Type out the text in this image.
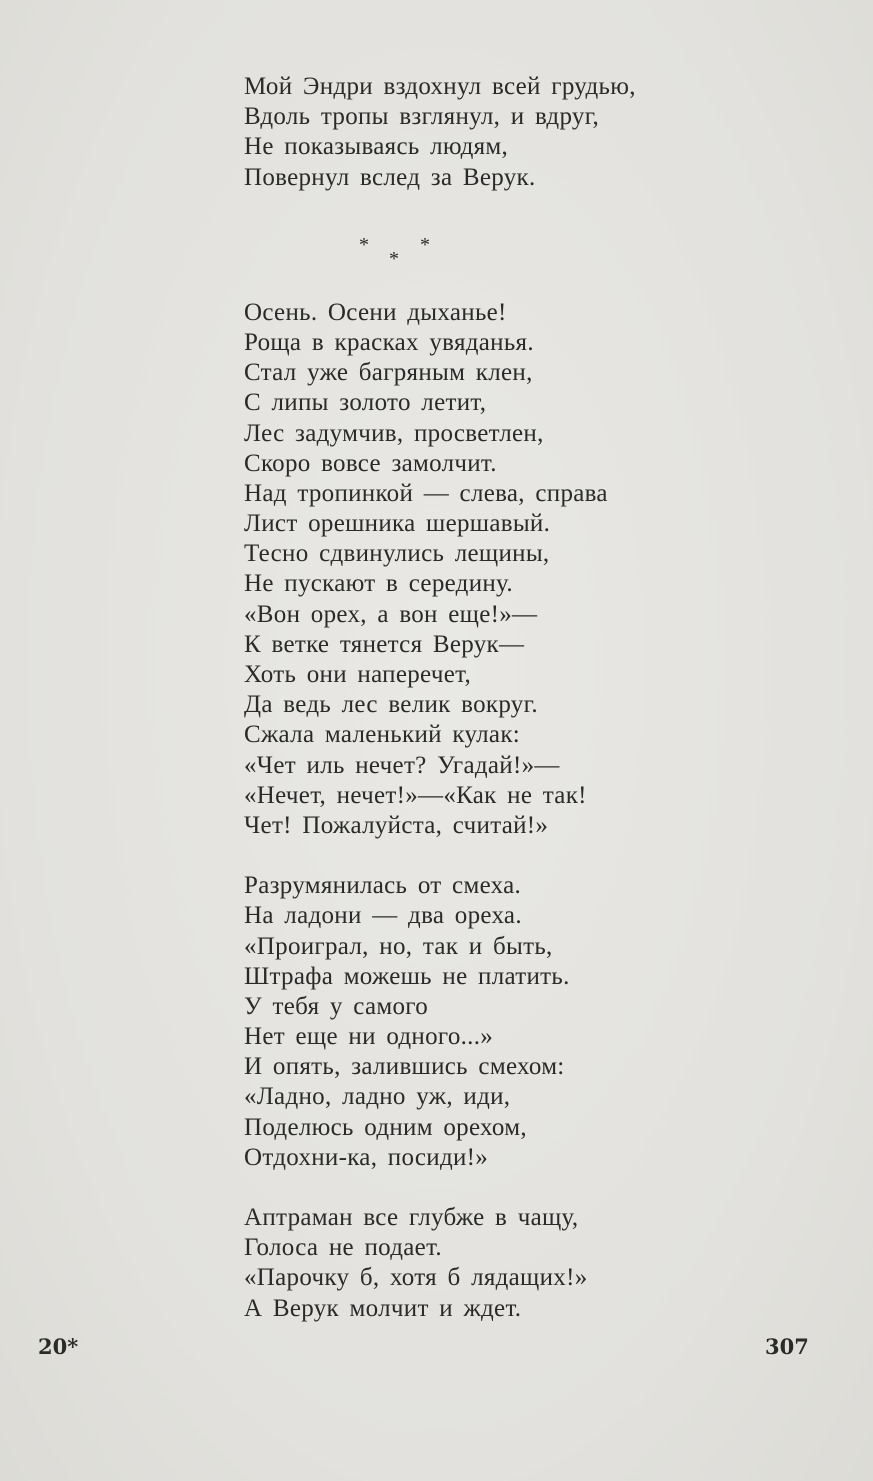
Мой Эндри вздохнул всей грудью,
Вдоль тропы взглянул, и вдруг,
Не показываясь людям,
Повернул вслед за Верук.
*	*
*
Осень. Осени дыханье!
Роща в красках увяданья.
Стал уже багряным клен,
С липы золото летит,
Лес задумчив, просветлен,
Скоро вовсе замолчит.
Над тропинкой — слева, справа
Лист орешника шершавый.
Тесно сдвинулись лещины,
Не пускают в середину.
«Вон орех, а вон еще!»—
К ветке тянется Верук—
Хоть они наперечет,
Да ведь лес велик вокруг.
Сжала маленький кулак:
«Чет иль нечет? Угадай!»—
«Нечет, нечет!»—«Как не так!
Чет! Пожалуйста, считай!»
Разрумянилась от смеха.
На ладони — два ореха.
«Проиграл, но, так и быть,
Штрафа можешь не платить.
У тебя у самого
Нет еще ни одного...»
И опять, залившись смехом:
«Ладно, ладно уж, иди,
Поделюсь одним орехом,
Отдохни-ка, посиди!»
Аптраман все глубже в чащу,
Голоса не подает.
«Парочку б, хотя б лядащих!»
А Верук молчит и ждет.
20*	307
